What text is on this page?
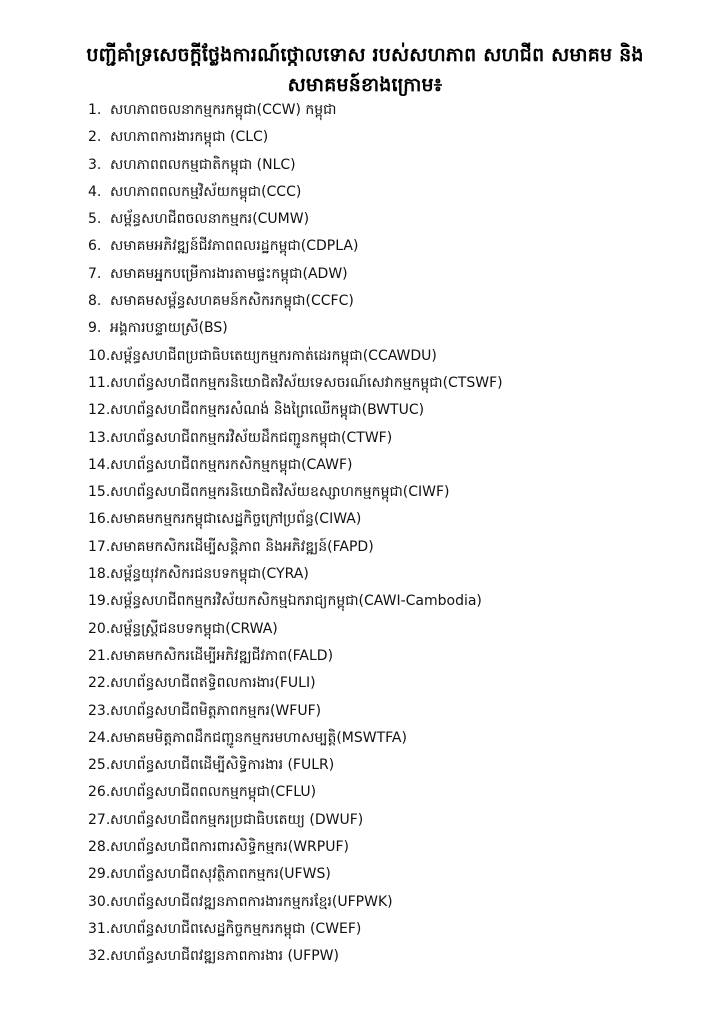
បញ្ជីគាំទ្រសេចក្តីថ្លែងការណ៍ថ្កោលទោស របស់សហភាព សហជីព សមាគម និង សមាគមន៍ខាងក្រោម៖
1. សហភាពចលនាកម្មករកម្ពុជា(CCW) កម្ពុជា
2. សហភាពការងារកម្ពុជា (CLC)
3. សហភាពពលកម្មជាតិកម្ពុជា (NLC)
4. សហភាពពលកម្មវិស័យកម្ពុជា(CCC)
5. សម្ព័ន្ធសហជីពចលនាកម្មករ(CUMW)
6. សមាគមអភិវឌ្ឍន៍ជីវភាពពលរដ្ឋកម្ពុជា(CDPLA)
7. សមាគមអ្នកបម្រើការងារតាមផ្ទះកម្ពុជា(ADW)
8. សមាគមសម្ព័ន្ធសហគមន៍កសិករកម្ពុជា(CCFC)
9. អង្គការបន្ទាយស្រី(BS)
10. សម្ព័ន្ធសហជីពប្រជាធិបតេយ្យកម្មករកាត់ដេរកម្ពុជា(CCAWDU)
11. សហព័ន្ធសហជីពកម្មករនិយោជិតវិស័យទេសចរណ៍សេវាកម្មកម្ពុជា(CTSWF)
12. សហព័ន្ធសហជីពកម្មករសំណង់ និងព្រៃឈើកម្ពុជា(BWTUC)
13. សហព័ន្ធសហជីពកម្មករវិស័យដឹកជញ្ជូនកម្ពុជា(CTWF)
14. សហព័ន្ធសហជីពកម្មករកសិកម្មកម្ពុជា(CAWF)
15. សហព័ន្ធសហជីពកម្មករនិយោជិតវិស័យឧស្សាហកម្មកម្ពុជា(CIWF)
16. សមាគមកម្មករកម្ពុជាសេដ្ឋកិច្ចក្រៅប្រព័ន្ធ(CIWA)
17. សមាគមកសិករដើម្បីសន្តិភាព និងអភិវឌ្ឍន៍(FAPD)
18. សម្ព័ន្ធយុវកសិករជនបទកម្ពុជា(CYRA)
19. សម្ព័ន្ធសហជីពកម្មករវិស័យកសិកម្មឯករាជ្យកម្ពុជា(CAWI-Cambodia)
20. សម្ព័ន្ធស្ត្រីជនបទកម្ពុជា(CRWA)
21. សមាគមកសិករដើម្បីអភិវឌ្ឍជីវភាព(FALD)
22. សហព័ន្ធសហជីពឥទ្ធិពលការងារ(FULI)
23. សហព័ន្ធសហជីពមិត្តភាពកម្មករ(WFUF)
24. សមាគមមិត្តភាពដឹកជញ្ជូនកម្មករមហាសម្បត្តិ(MSWTFA)
25. សហព័ន្ធសហជីពដើម្បីសិទ្ធិការងារ (FULR)
26. សហព័ន្ធសហជីពពលកម្មកម្ពុជា(CFLU)
27. សហព័ន្ធសហជីពកម្មករប្រជាធិបតេយ្យ (DWUF)
28. សហព័ន្ធសហជីពការពារសិទ្ធិកម្មករ(WRPUF)
29. សហព័ន្ធសហជីពសុវត្ថិភាពកម្មករ(UFWS)
30. សហព័ន្ធសហជីពវឌ្ឍនភាពការងារកម្មករខ្មែរ(UFPWK)
31. សហព័ន្ធសហជីពសេដ្ឋកិច្ចកម្មករកម្ពុជា (CWEF)
32. សហព័ន្ធសហជីពវឌ្ឍនភាពការងារ (UFPW)
